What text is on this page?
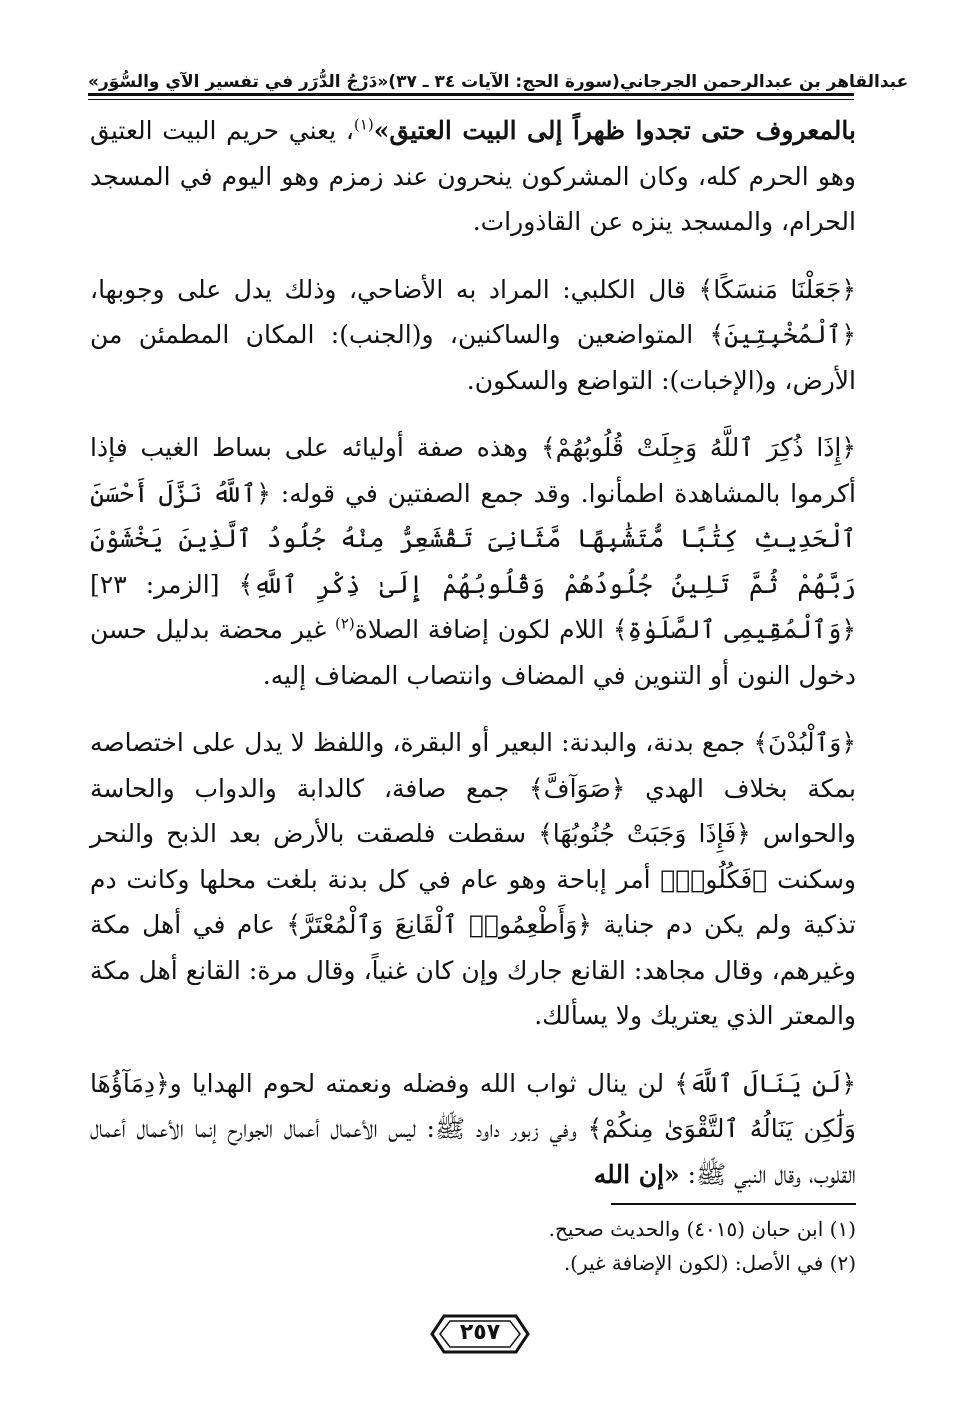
«دَرْجُ الدُّرَر في تفسير الآي والسُّوَر» (سورة الحج: الآيات ٣٤ ـ ٣٧) عبدالقاهر بن عبدالرحمن الجرجاني

بالمعروف حتى تجدوا ظهراً إلى البيت العتيق»$^{(١)}$، يعني حريم البيت العتيق وهو الحرم كله، وكان المشركون ينحرون عند زمزم وهو اليوم في المسجد الحرام، والمسجد ينزه عن القاذورات.

﴿جَعَلْنَا مَنسَكًا﴾ قال الكلبي: المراد به الأضاحي، وذلك يدل على وجوبها، ﴿ٱلْمُخْبِتِينَ﴾ المتواضعين والساكنين، و(الجنب): المكان المطمئن من الأرض، و(الإخبات): التواضع والسكون.

﴿إِذَا ذُكِرَ ٱللَّهُ وَجِلَتْ قُلُوبُهُمْ﴾ وهذه صفة أوليائه على بساط الغيب فإذا أكرموا بالمشاهدة اطمأنوا. وقد جمع الصفتين في قوله: ﴿ٱللَّهُ نَزَّلَ أَحْسَنَ ٱلْحَدِيثِ كِتَٰبًا مُّتَشَٰبِهًا مَّثَانِىَ تَقْشَعِرُّ مِنْهُ جُلُودُ ٱلَّذِينَ يَخْشَوْنَ رَبَّهُمْ ثُمَّ تَلِينُ جُلُودُهُمْ وَقُلُوبُهُمْ إِلَىٰ ذِكْرِ ٱللَّهِ﴾ [الزمر: ٢٣] ﴿وَٱلْمُقِيمِى ٱلصَّلَوٰةِ﴾ اللام لكون إضافة الصلاة$^{(٢)}$ غير محضة بدليل حسن دخول النون أو التنوين في المضاف وانتصاب المضاف إليه.

﴿وَٱلْبُدْنَ﴾ جمع بدنة، والبدنة: البعير أو البقرة، واللفظ لا يدل على اختصاصه بمكة بخلاف الهدي ﴿صَوَآفَّ﴾ جمع صافة، كالدابة والدواب والحاسة والحواس ﴿فَإِذَا وَجَبَتْ جُنُوبُهَا﴾ سقطت فلصقت بالأرض بعد الذبح والنحر وسكنت ﴿فَكُلُوا۟﴾ أمر إباحة وهو عام في كل بدنة بلغت محلها وكانت دم تذكية ولم يكن دم جناية ﴿وَأَطْعِمُوا۟ ٱلْقَانِعَ وَٱلْمُعْتَرَّ﴾ عام في أهل مكة وغيرهم، وقال مجاهد: القانع جارك وإن كان غنياً، وقال مرة: القانع أهل مكة والمعتر الذي يعتريك ولا يسألك.

﴿لَن يَنَالَ ٱللَّهَ﴾ لن ينال ثواب الله وفضله ونعمته لحوم الهدايا و﴿دِمَآؤُهَا وَلَٰكِن يَنَالُهُ ٱلتَّقْوَىٰ مِنكُمْ﴾ وفي زبور داود ﷺ: ليس الأعمال أعمال الجوارح إنما الأعمال أعمال القلوب، وقال النبي ﷺ: «إن الله

(١) ابن حبان (٤٠١٥) والحديث صحيح.

(٢) في الأصل: (لكون الإضافة غير).

٢٥٧
